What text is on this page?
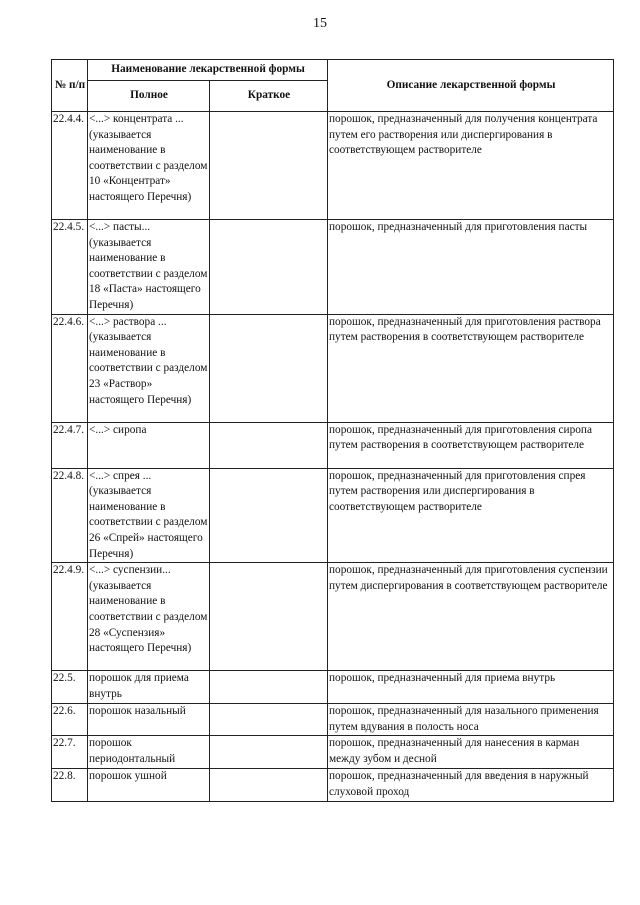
15
№ п/п	Наименование лекарственной формы		Описание лекарственной формы
	Полное	Краткое	
22.4.4.	<...> концентрата ... (указывается наименование в соответствии с разделом 10 «Концентрат» настоящего Перечня)		порошок, предназначенный для получения концентрата путем его растворения или диспергирования в соответствующем растворителе
22.4.5.	<...> пасты... (указывается наименование в соответствии с разделом 18 «Паста» настоящего Перечня)		порошок, предназначенный для приготовления пасты
22.4.6.	<...> раствора ... (указывается наименование в соответствии с разделом 23 «Раствор» настоящего Перечня)		порошок, предназначенный для приготовления раствора путем растворения в соответствующем растворителе
22.4.7.	<...> сиропа		порошок, предназначенный для приготовления сиропа путем растворения в соответствующем растворителе
22.4.8.	<...> спрея ... (указывается наименование в соответствии с разделом 26 «Спрей» настоящего Перечня)		порошок, предназначенный для приготовления спрея путем растворения или диспергирования в соответствующем растворителе
22.4.9.	<...> суспензии... (указывается наименование в соответствии с разделом 28 «Суспензия» настоящего Перечня)		порошок, предназначенный для приготовления суспензии путем диспергирования в соответствующем растворителе
22.5.	порошок для приема внутрь		порошок, предназначенный для приема внутрь
22.6.	порошок назальный		порошок, предназначенный для назального применения путем вдувания в полость носа
22.7.	порошок периодонтальный		порошок, предназначенный для нанесения в карман между зубом и десной
22.8.	порошок ушной		порошок, предназначенный для введения в наружный слуховой проход
